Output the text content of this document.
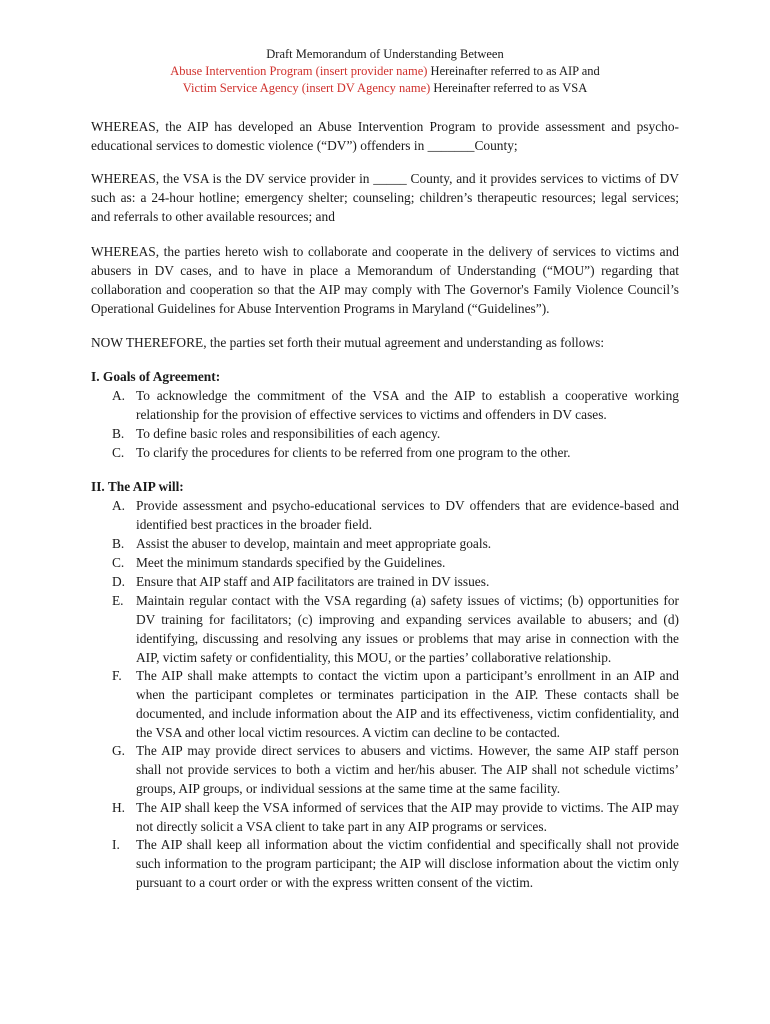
Draft Memorandum of Understanding Between
Abuse Intervention Program (insert provider name) Hereinafter referred to as AIP and
Victim Service Agency (insert DV Agency name) Hereinafter referred to as VSA

WHEREAS, the AIP has developed an Abuse Intervention Program to provide assessment and psycho-educational services to domestic violence (“DV”) offenders in _______County;

WHEREAS, the VSA is the DV service provider in _____ County, and it provides services to victims of DV such as: a 24-hour hotline; emergency shelter; counseling; children’s therapeutic resources; legal services; and referrals to other available resources; and

WHEREAS, the parties hereto wish to collaborate and cooperate in the delivery of services to victims and abusers in DV cases, and to have in place a Memorandum of Understanding (“MOU”) regarding that collaboration and cooperation so that the AIP may comply with The Governor's Family Violence Council’s Operational Guidelines for Abuse Intervention Programs in Maryland (“Guidelines”).

NOW THEREFORE, the parties set forth their mutual agreement and understanding as follows:

I. Goals of Agreement:

A. To acknowledge the commitment of the VSA and the AIP to establish a cooperative working relationship for the provision of effective services to victims and offenders in DV cases.
B. To define basic roles and responsibilities of each agency.
C. To clarify the procedures for clients to be referred from one program to the other.

II. The AIP will:

A. Provide assessment and psycho-educational services to DV offenders that are evidence-based and identified best practices in the broader field.
B. Assist the abuser to develop, maintain and meet appropriate goals.
C. Meet the minimum standards specified by the Guidelines.
D. Ensure that AIP staff and AIP facilitators are trained in DV issues.
E. Maintain regular contact with the VSA regarding (a) safety issues of victims; (b) opportunities for DV training for facilitators; (c) improving and expanding services available to abusers; and (d) identifying, discussing and resolving any issues or problems that may arise in connection with the AIP, victim safety or confidentiality, this MOU, or the parties’ collaborative relationship.
F.	The AIP shall make attempts to contact the victim upon a participant’s enrollment in an AIP and when the participant completes or terminates participation in the AIP. These contacts shall be documented, and include information about the AIP and its effectiveness, victim confidentiality, and the VSA and other local victim resources. A victim can decline to be contacted.
G. The AIP may provide direct services to abusers and victims. However, the same AIP staff person shall not provide services to both a victim and her/his abuser. The AIP shall not schedule victims’ groups, AIP groups, or individual sessions at the same time at the same facility.
H. The AIP shall keep the VSA informed of services that the AIP may provide to victims. The AIP may not directly solicit a VSA client to take part in any AIP programs or services.
I.	The AIP shall keep all information about the victim confidential and specifically shall not provide such information to the program participant; the AIP will disclose information about the victim only pursuant to a court order or with the express written consent of the victim.
